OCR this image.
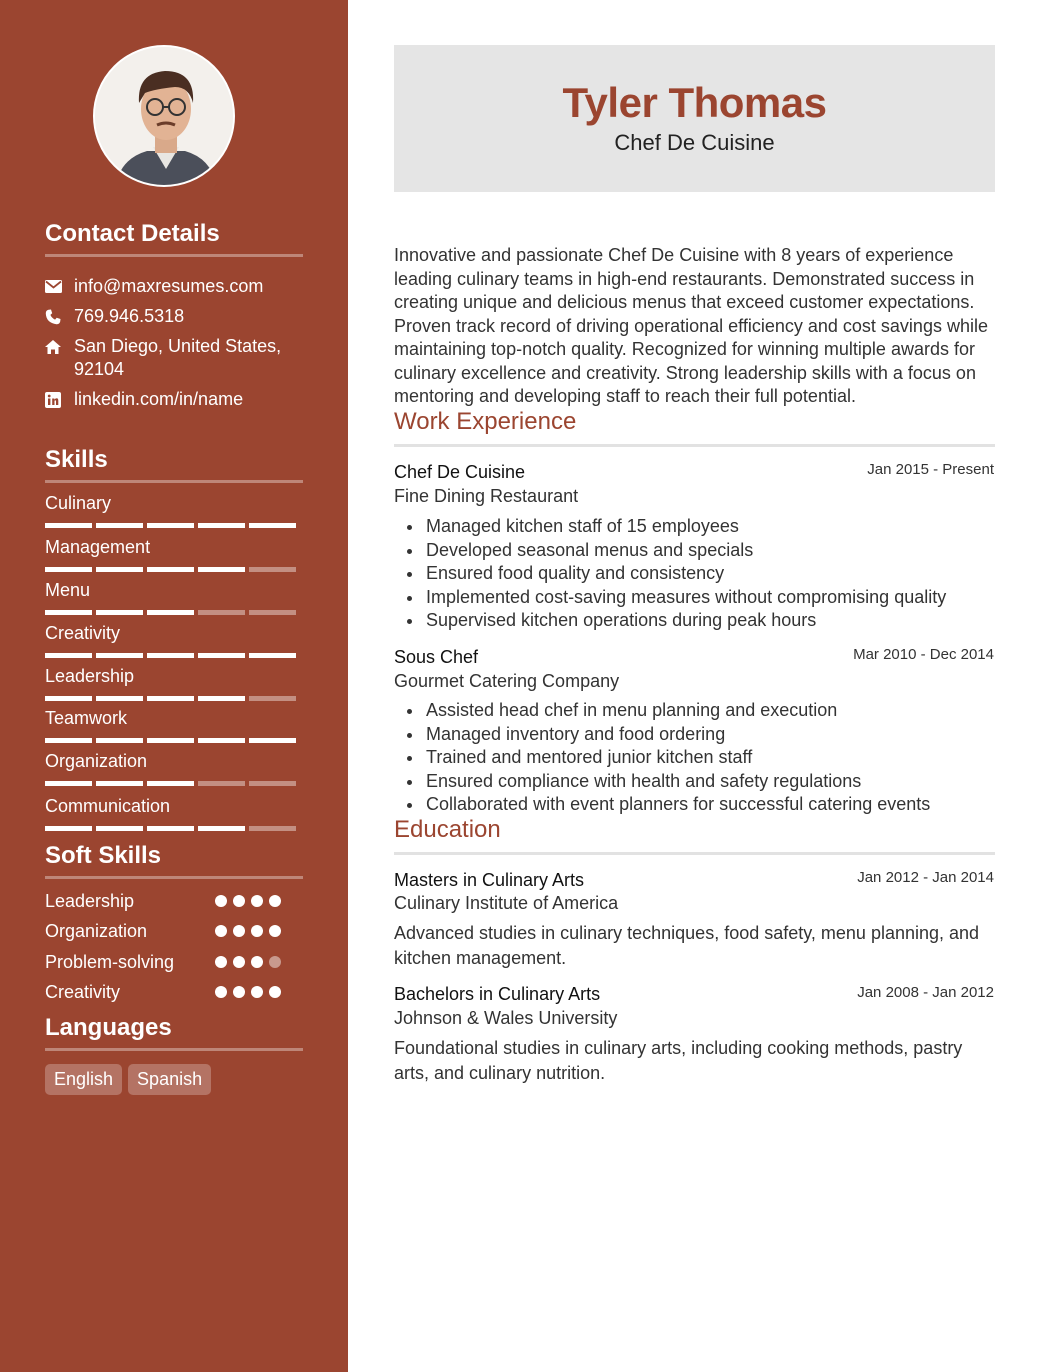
Contact Details
info@maxresumes.com
769.946.5318
San Diego, United States,
92104
linkedin.com/in/name
Skills
Culinary
Management
Menu
Creativity
Leadership
Teamwork
Organization
Communication
Soft Skills
Leadership
Organization
Problem-solving
Creativity
Languages
English Spanish
Tyler Thomas
Chef De Cuisine
Innovative and passionate Chef De Cuisine with 8 years of experience leading culinary teams in high-end restaurants. Demonstrated success in creating unique and delicious menus that exceed customer expectations. Proven track record of driving operational efficiency and cost savings while maintaining top-notch quality. Recognized for winning multiple awards for culinary excellence and creativity. Strong leadership skills with a focus on mentoring and developing staff to reach their full potential.
Work Experience
Chef De Cuisine	Jan 2015 - Present
Fine Dining Restaurant
Managed kitchen staff of 15 employees
Developed seasonal menus and specials
Ensured food quality and consistency
Implemented cost-saving measures without compromising quality
Supervised kitchen operations during peak hours
Sous Chef	Mar 2010 - Dec 2014
Gourmet Catering Company
Assisted head chef in menu planning and execution
Managed inventory and food ordering
Trained and mentored junior kitchen staff
Ensured compliance with health and safety regulations
Collaborated with event planners for successful catering events
Education
Masters in Culinary Arts	Jan 2012 - Jan 2014
Culinary Institute of America
Advanced studies in culinary techniques, food safety, menu planning, and kitchen management.
Bachelors in Culinary Arts	Jan 2008 - Jan 2012
Johnson & Wales University
Foundational studies in culinary arts, including cooking methods, pastry arts, and culinary nutrition.
